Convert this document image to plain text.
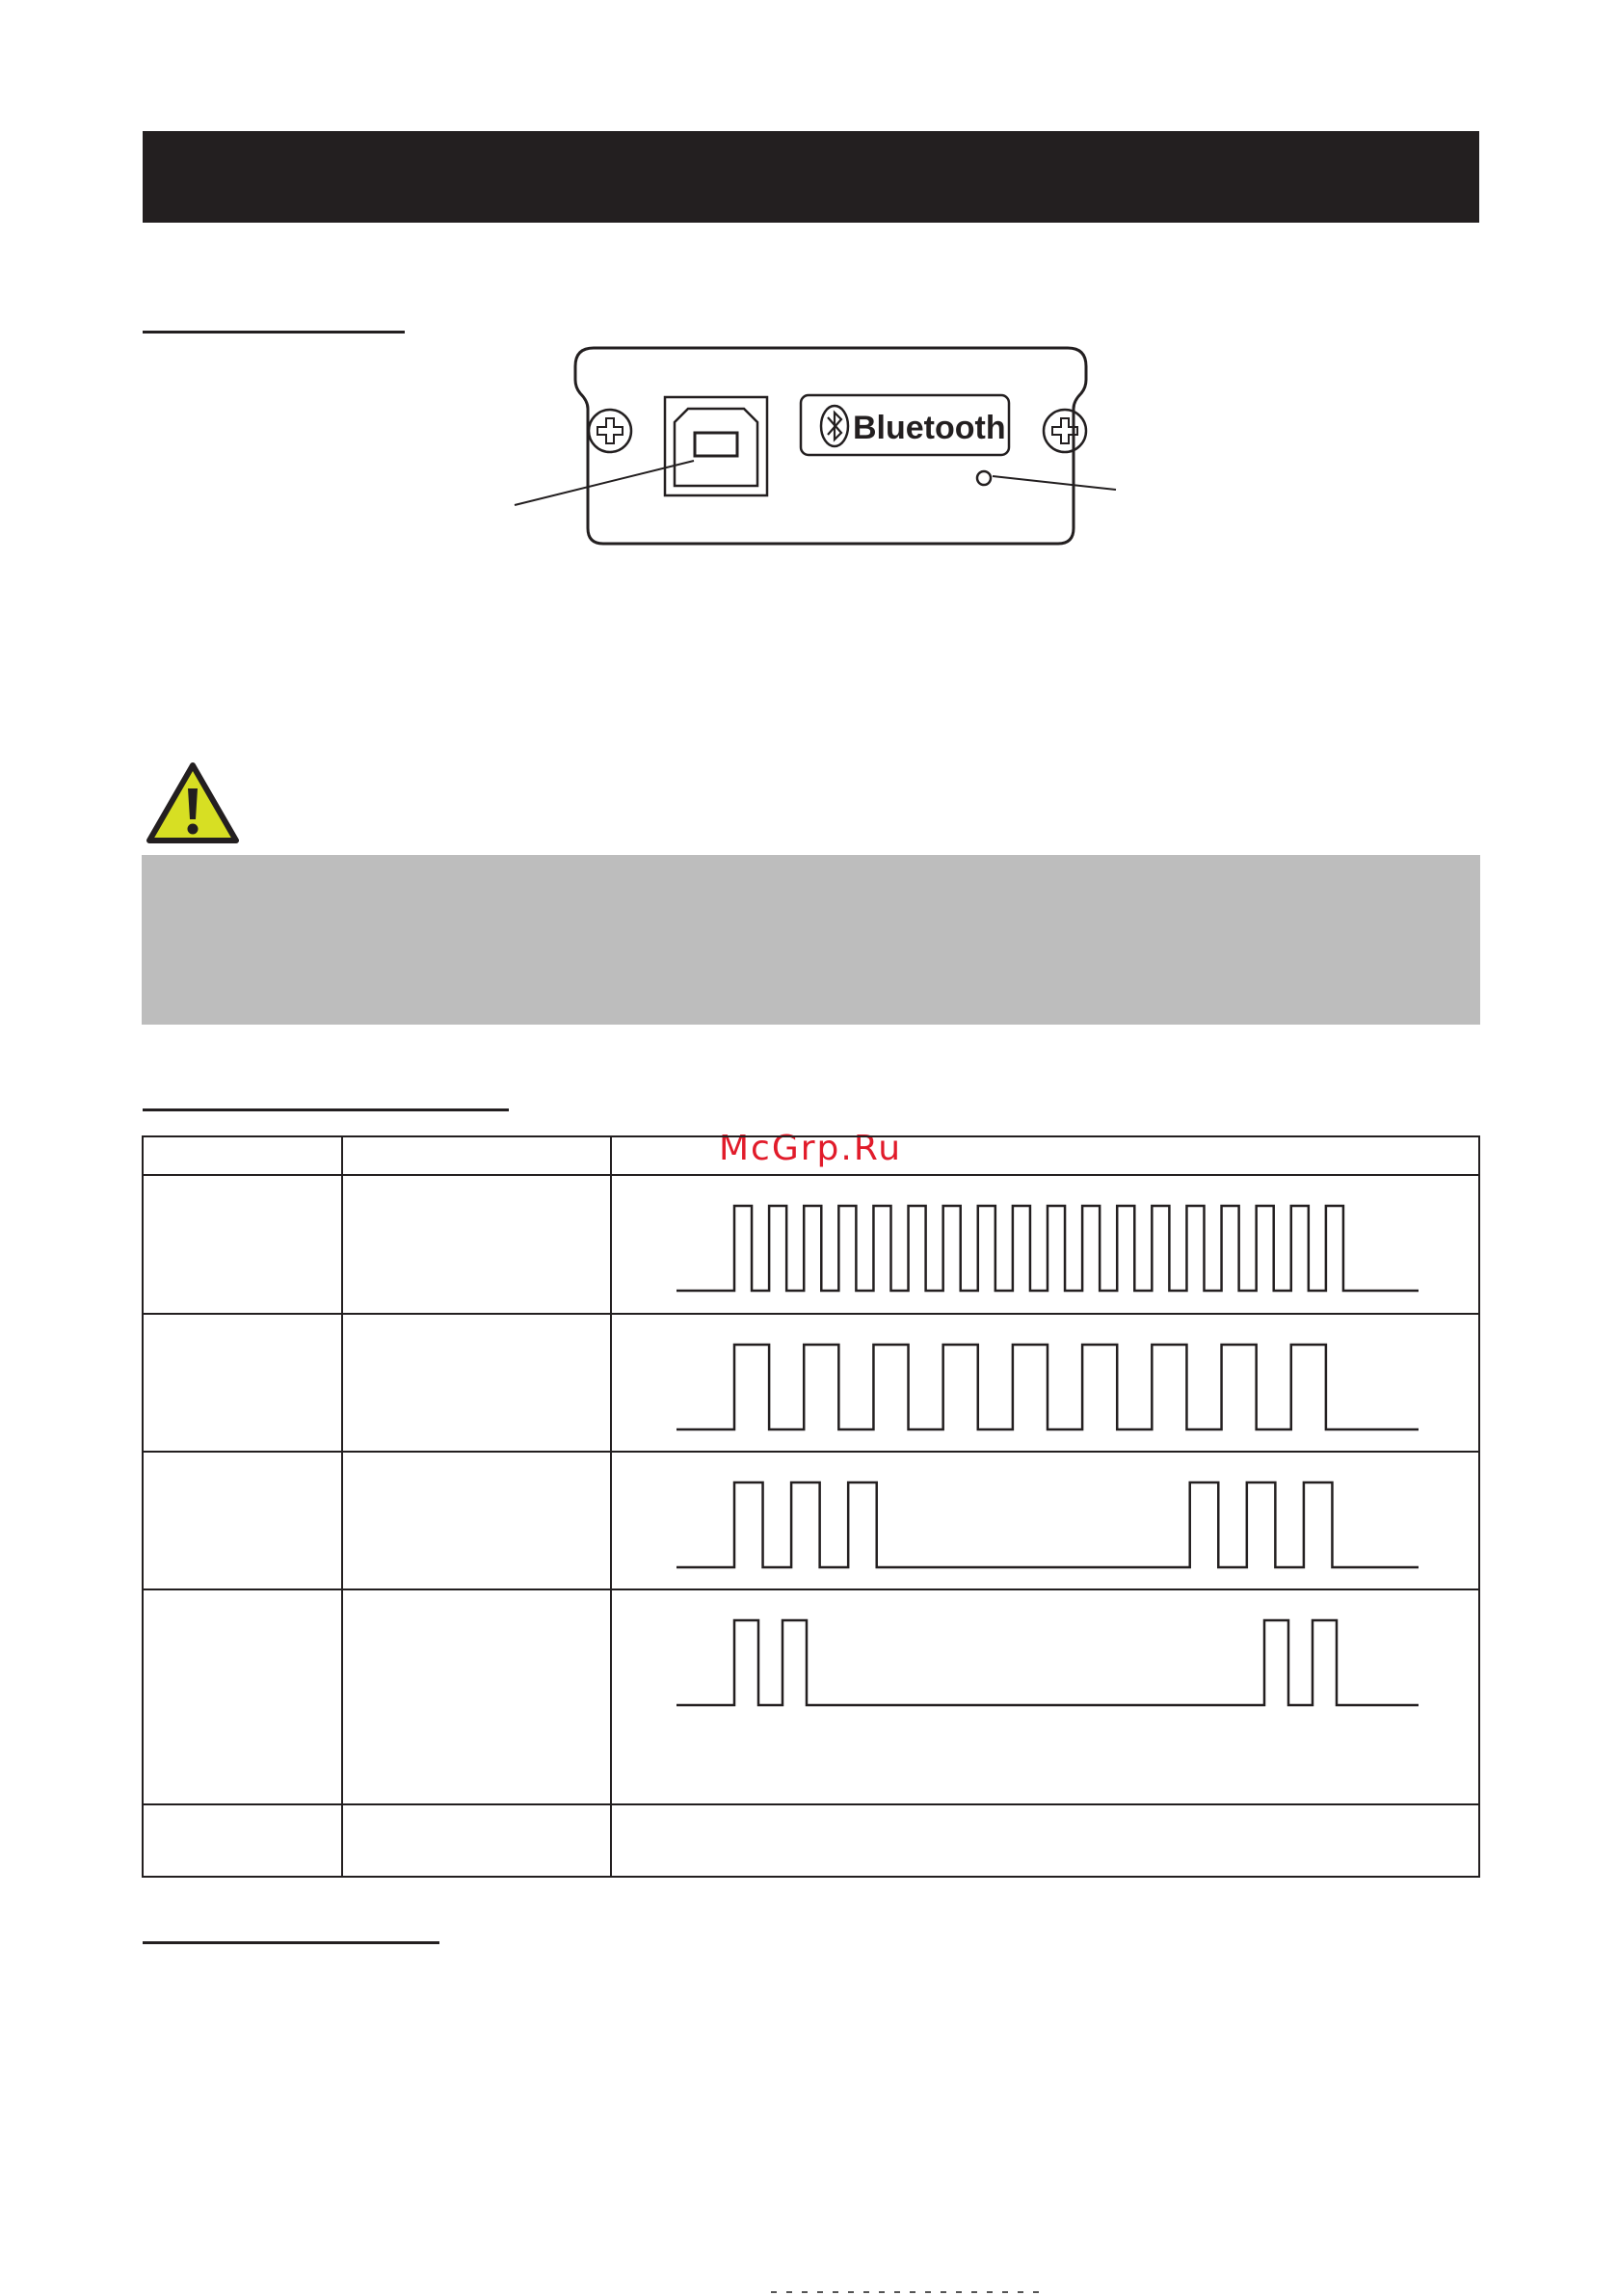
Bluetooth
McGrp.Ru
